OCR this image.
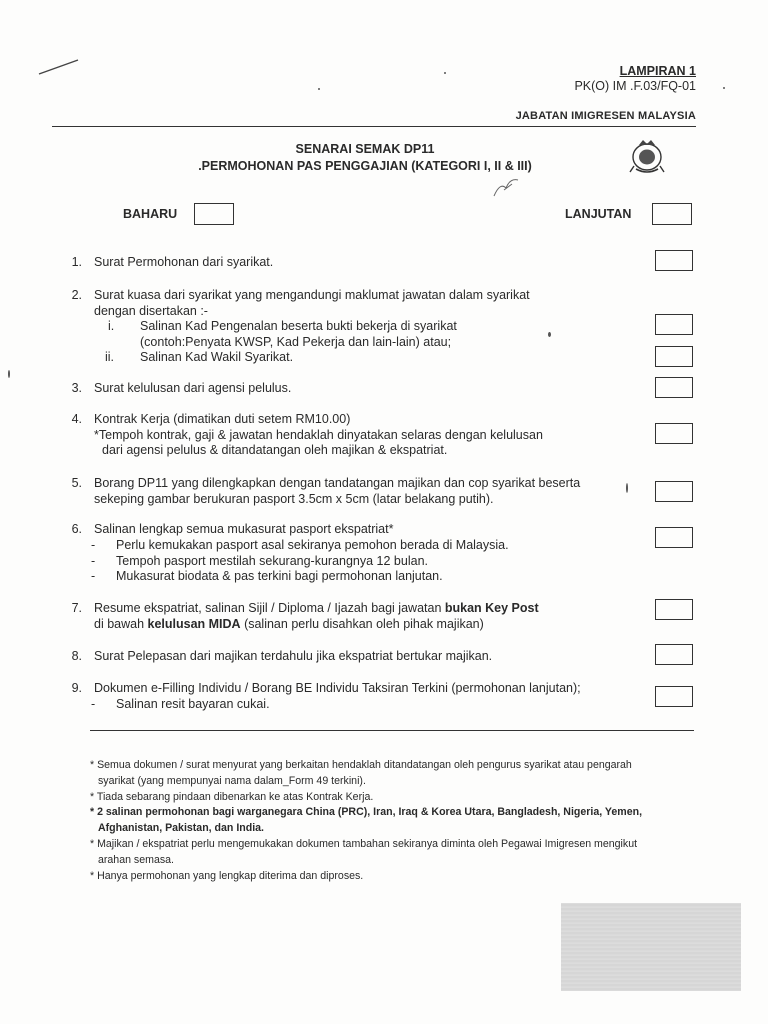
LAMPIRAN 1
PK(O) IM .F.03/FQ-01
JABATAN IMIGRESEN MALAYSIA
SENARAI SEMAK DP11
.PERMOHONAN PAS PENGGAJIAN (KATEGORI I, II & III)
BAHARU	LANJUTAN
1. Surat Permohonan dari syarikat.
2. Surat kuasa dari syarikat yang mengandungi maklumat jawatan dalam syarikat
dengan disertakan :-
i. Salinan Kad Pengenalan beserta bukti bekerja di syarikat
(contoh:Penyata KWSP, Kad Pekerja dan lain-lain) atau;
ii. Salinan Kad Wakil Syarikat.
3. Surat kelulusan dari agensi pelulus.
4. Kontrak Kerja (dimatikan duti setem RM10.00)
*Tempoh kontrak, gaji & jawatan hendaklah dinyatakan selaras dengan kelulusan
dari agensi pelulus & ditandatangan oleh majikan & ekspatriat.
5. Borang DP11 yang dilengkapkan dengan tandatangan majikan dan cop syarikat beserta
sekeping gambar berukuran pasport 3.5cm x 5cm (latar belakang putih).
6. Salinan lengkap semua mukasurat pasport ekspatriat*
-
-
-
Perlu kemukakan pasport asal sekiranya pemohon berada di Malaysia.
Tempoh pasport mestilah sekurang-kurangnya 12 bulan.
Mukasurat biodata & pas terkini bagi permohonan lanjutan.
7. Resume ekspatriat, salinan Sijil / Diploma / Ijazah bagi jawatan bukan Key Post
di bawah kelulusan MIDA (salinan perlu disahkan oleh pihak majikan)
8. Surat Pelepasan dari majikan terdahulu jika ekspatriat bertukar majikan.
9. Dokumen e-Filling Individu / Borang BE Individu Taksiran Terkini (permohonan lanjutan);
- Salinan resit bayaran cukai.
* Semua dokumen / surat menyurat yang berkaitan hendaklah ditandatangan oleh pengurus syarikat atau pengarah
syarikat (yang mempunyai nama dalam_Form 49 terkini).
* Tiada sebarang pindaan dibenarkan ke atas Kontrak Kerja.
* 2 salinan permohonan bagi warganegara China (PRC), Iran, Iraq & Korea Utara, Bangladesh, Nigeria, Yemen,
Afghanistan, Pakistan, dan India.
* Majikan / ekspatriat perlu mengemukakan dokumen tambahan sekiranya diminta oleh Pegawai Imigresen mengikut
arahan semasa.
* Hanya permohonan yang lengkap diterima dan diproses.
